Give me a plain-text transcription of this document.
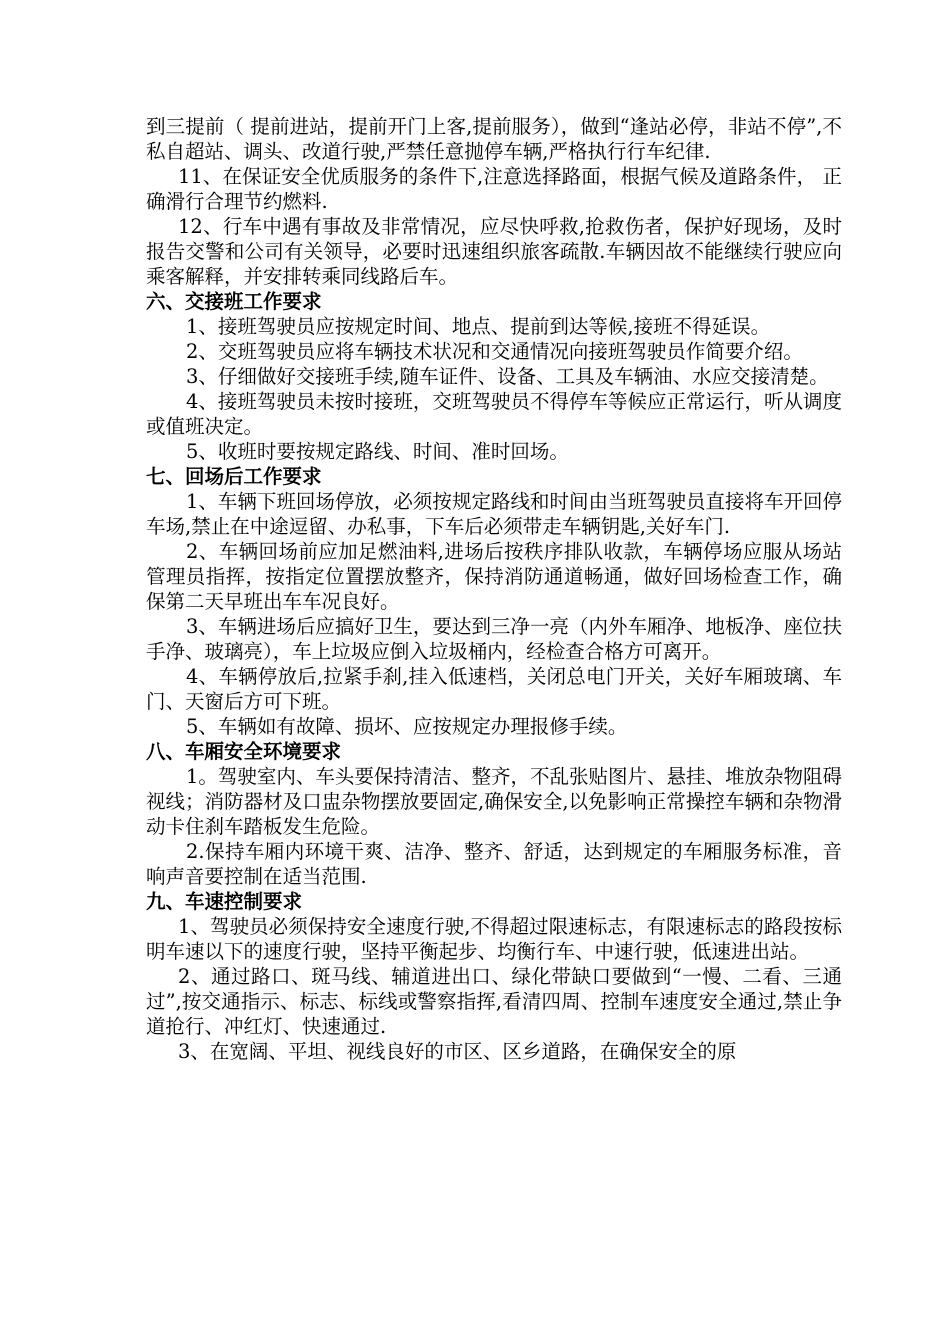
到三提前（ 提前进站，提前开门上客,提前服务），做到“逢站必停，非站不停”,不私自超站、调头、改道行驶,严禁任意抛停车辆,严格执行行车纪律.

11、在保证安全优质服务的条件下,注意选择路面，根据气候及道路条件， 正确滑行合理节约燃料.

12、行车中遇有事故及非常情况，应尽快呼救,抢救伤者，保护好现场，及时报告交警和公司有关领导，必要时迅速组织旅客疏散.车辆因故不能继续行驶应向乘客解释，并安排转乘同线路后车。

六、交接班工作要求

1、接班驾驶员应按规定时间、地点、提前到达等候,接班不得延误。

2、交班驾驶员应将车辆技术状况和交通情况向接班驾驶员作简要介绍。

3、仔细做好交接班手续,随车证件、设备、工具及车辆油、水应交接清楚。

4、接班驾驶员未按时接班，交班驾驶员不得停车等候应正常运行，听从调度或值班决定。

5、收班时要按规定路线、时间、准时回场。

七、回场后工作要求

1、车辆下班回场停放，必须按规定路线和时间由当班驾驶员直接将车开回停车场,禁止在中途逗留、办私事，下车后必须带走车辆钥匙,关好车门.

2、车辆回场前应加足燃油料,进场后按秩序排队收款，车辆停场应服从场站管理员指挥，按指定位置摆放整齐，保持消防通道畅通，做好回场检查工作，确保第二天早班出车车况良好。

3、车辆进场后应搞好卫生，要达到三净一亮（内外车厢净、地板净、座位扶手净、玻璃亮），车上垃圾应倒入垃圾桶内，经检查合格方可离开。

4、车辆停放后,拉紧手刹,挂入低速档，关闭总电门开关，关好车厢玻璃、车门、天窗后方可下班。

5、车辆如有故障、损坏、应按规定办理报修手续。

八、车厢安全环境要求

1。驾驶室内、车头要保持清洁、整齐，不乱张贴图片、悬挂、堆放杂物阻碍视线；消防器材及口盅杂物摆放要固定,确保安全,以免影响正常操控车辆和杂物滑动卡住刹车踏板发生危险。

2.保持车厢内环境干爽、洁净、整齐、舒适，达到规定的车厢服务标准，音响声音要控制在适当范围.

九、车速控制要求

1、驾驶员必须保持安全速度行驶,不得超过限速标志，有限速标志的路段按标明车速以下的速度行驶，坚持平衡起步、均衡行车、中速行驶，低速进出站。

2、通过路口、斑马线、辅道进出口、绿化带缺口要做到“一慢、二看、三通过”,按交通指示、标志、标线或警察指挥,看清四周、控制车速度安全通过,禁止争道抢行、冲红灯、快速通过.

3、在宽阔、平坦、视线良好的市区、区乡道路，在确保安全的原
